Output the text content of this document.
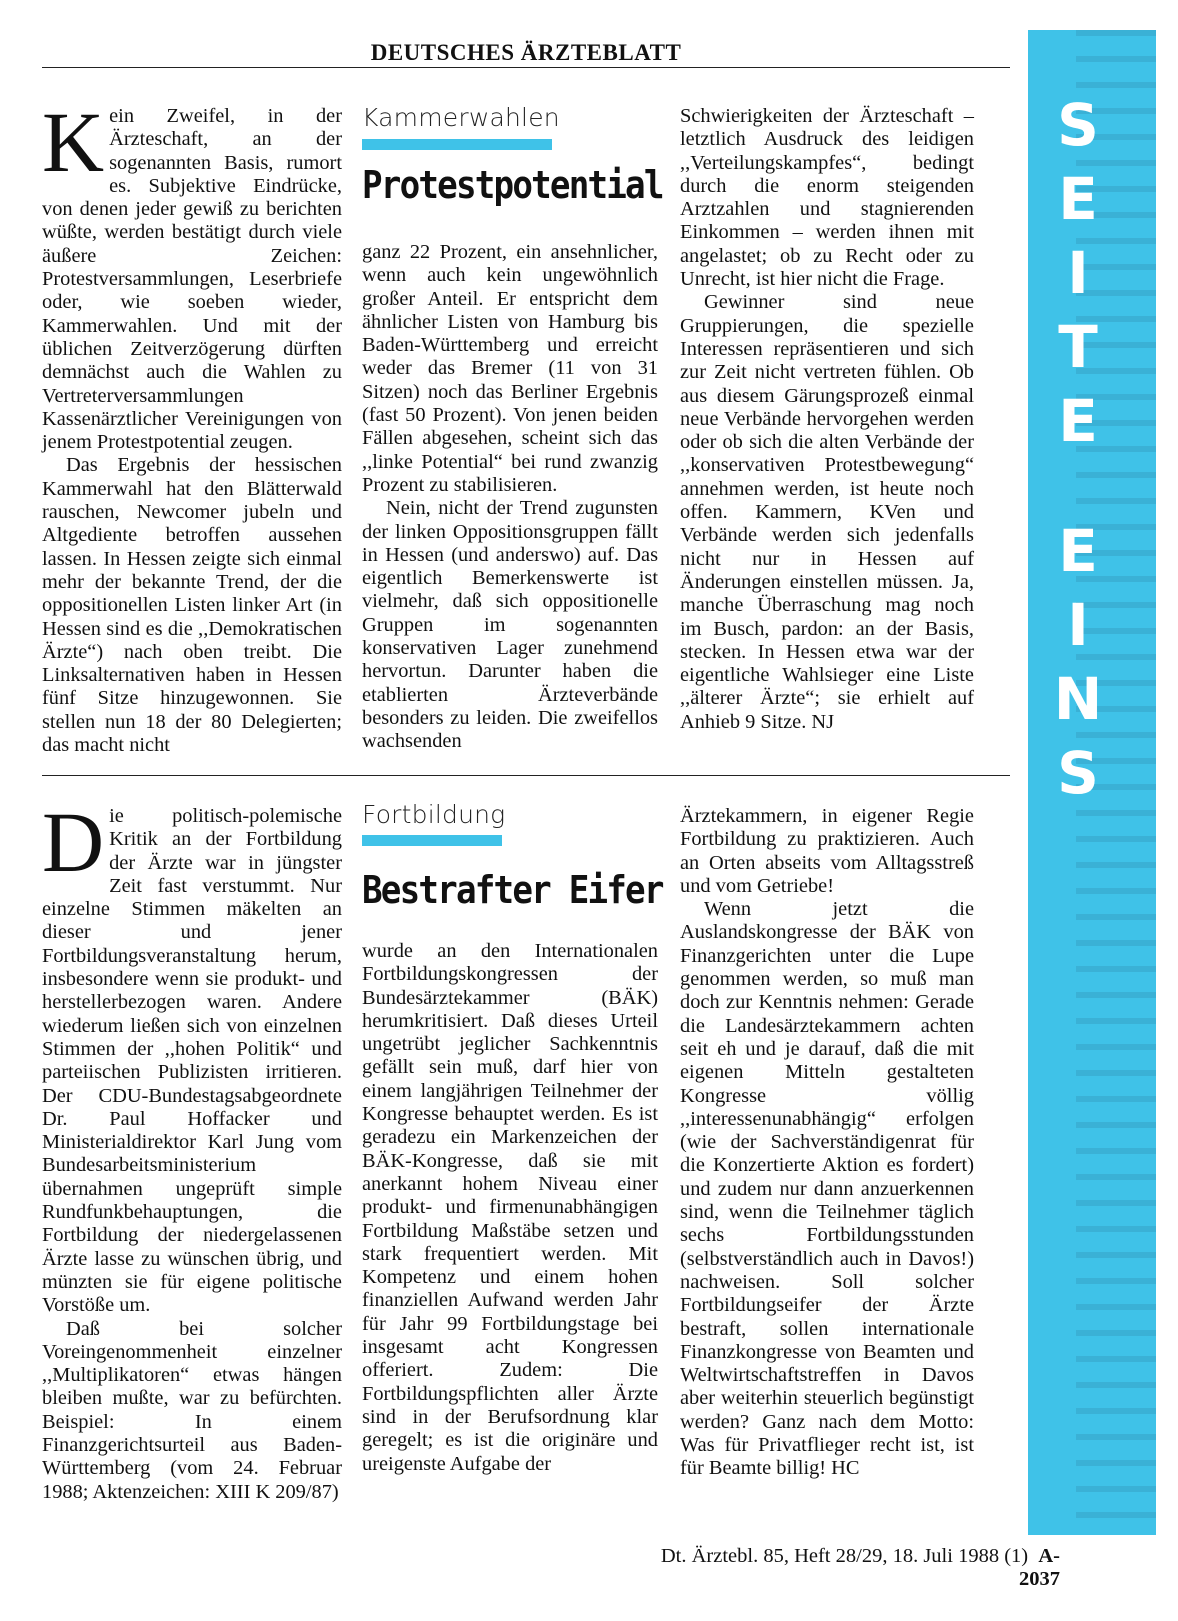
DEUTSCHES ÄRZTEBLATT
S
E
I
T
E
E
I
N
S

Kein Zweifel, in der Ärzteschaft, an der sogenannten Basis, rumort es. Subjektive Eindrücke, von denen jeder gewiß zu berichten wüßte, werden bestätigt durch viele äußere Zeichen: Protestversammlungen, Leserbriefe oder, wie soeben wieder, Kammerwahlen. Und mit der üblichen Zeitverzögerung dürften demnächst auch die Wahlen zu Vertreterversammlungen Kassenärztlicher Vereinigungen von jenem Protestpotential zeugen.

Das Ergebnis der hessischen Kammerwahl hat den Blätterwald rauschen, Newcomer jubeln und Altgediente betroffen aussehen lassen. In Hessen zeigte sich einmal mehr der bekannte Trend, der die oppositionellen Listen linker Art (in Hessen sind es die ,,Demokratischen Ärzte“) nach oben treibt. Die Linksalternativen haben in Hessen fünf Sitze hinzugewonnen. Sie stellen nun 18 der 80 Delegierten; das macht nicht

Kammerwahlen
Protestpotential

ganz 22 Prozent, ein ansehnlicher, wenn auch kein ungewöhnlich großer Anteil. Er entspricht dem ähnlicher Listen von Hamburg bis Baden-Württemberg und erreicht weder das Bremer (11 von 31 Sitzen) noch das Berliner Ergebnis (fast 50 Prozent). Von jenen beiden Fällen abgesehen, scheint sich das ,,linke Potential“ bei rund zwanzig Prozent zu stabilisieren.

Nein, nicht der Trend zugunsten der linken Oppositionsgruppen fällt in Hessen (und anderswo) auf. Das eigentlich Bemerkenswerte ist vielmehr, daß sich oppositionelle Gruppen im sogenannten konservativen Lager zunehmend hervortun. Darunter haben die etablierten Ärzteverbände besonders zu leiden. Die zweifellos wachsenden

Schwierigkeiten der Ärzteschaft – letztlich Ausdruck des leidigen ,,Verteilungskampfes“, bedingt durch die enorm steigenden Arztzahlen und stagnierenden Einkommen – werden ihnen mit angelastet; ob zu Recht oder zu Unrecht, ist hier nicht die Frage.

Gewinner sind neue Gruppierungen, die spezielle Interessen repräsentieren und sich zur Zeit nicht vertreten fühlen. Ob aus diesem Gärungsprozeß einmal neue Verbände hervorgehen werden oder ob sich die alten Verbände der ,,konservativen Protestbewegung“ annehmen werden, ist heute noch offen. Kammern, KVen und Verbände werden sich jedenfalls nicht nur in Hessen auf Änderungen einstellen müssen. Ja, manche Überraschung mag noch im Busch, pardon: an der Basis, stecken. In Hessen etwa war der eigentliche Wahlsieger eine Liste ,,älterer Ärzte“; sie erhielt auf Anhieb 9 Sitze. NJ

Die politisch-polemische Kritik an der Fortbildung der Ärzte war in jüngster Zeit fast verstummt. Nur einzelne Stimmen mäkelten an dieser und jener Fortbildungsveranstaltung herum, insbesondere wenn sie produkt- und herstellerbezogen waren. Andere wiederum ließen sich von einzelnen Stimmen der ,,hohen Politik“ und parteiischen Publizisten irritieren. Der CDU-Bundestagsabgeordnete Dr. Paul Hoffacker und Ministerialdirektor Karl Jung vom Bundesarbeitsministerium übernahmen ungeprüft simple Rundfunkbehauptungen, die Fortbildung der niedergelassenen Ärzte lasse zu wünschen übrig, und münzten sie für eigene politische Vorstöße um.

Daß bei solcher Voreingenommenheit einzelner ,,Multiplikatoren“ etwas hängen bleiben mußte, war zu befürchten. Beispiel: In einem Finanzgerichtsurteil aus Baden-Württemberg (vom 24. Februar 1988; Aktenzeichen: XIII K 209/87)

Fortbildung
Bestrafter Eifer

wurde an den Internationalen Fortbildungskongressen der Bundesärztekammer (BÄK) herumkritisiert. Daß dieses Urteil ungetrübt jeglicher Sachkenntnis gefällt sein muß, darf hier von einem langjährigen Teilnehmer der Kongresse behauptet werden. Es ist geradezu ein Markenzeichen der BÄK-Kongresse, daß sie mit anerkannt hohem Niveau einer produkt- und firmenunabhängigen Fortbildung Maßstäbe setzen und stark frequentiert werden. Mit Kompetenz und einem hohen finanziellen Aufwand werden Jahr für Jahr 99 Fortbildungstage bei insgesamt acht Kongressen offeriert. Zudem: Die Fortbildungspflichten aller Ärzte sind in der Berufsordnung klar geregelt; es ist die originäre und ureigenste Aufgabe der

Ärztekammern, in eigener Regie Fortbildung zu praktizieren. Auch an Orten abseits vom Alltagsstreß und vom Getriebe!

Wenn jetzt die Auslandskongresse der BÄK von Finanzgerichten unter die Lupe genommen werden, so muß man doch zur Kenntnis nehmen: Gerade die Landesärztekammern achten seit eh und je darauf, daß die mit eigenen Mitteln gestalteten Kongresse völlig ,,interessenunabhängig“ erfolgen (wie der Sachverständigenrat für die Konzertierte Aktion es fordert) und zudem nur dann anzuerkennen sind, wenn die Teilnehmer täglich sechs Fortbildungsstunden (selbstverständlich auch in Davos!) nachweisen. Soll solcher Fortbildungseifer der Ärzte bestraft, sollen internationale Finanzkongresse von Beamten und Weltwirtschaftstreffen in Davos aber weiterhin steuerlich begünstigt werden? Ganz nach dem Motto: Was für Privatflieger recht ist, ist für Beamte billig! HC

Dt. Ärztebl. 85, Heft 28/29, 18. Juli 1988 (1) A-2037
